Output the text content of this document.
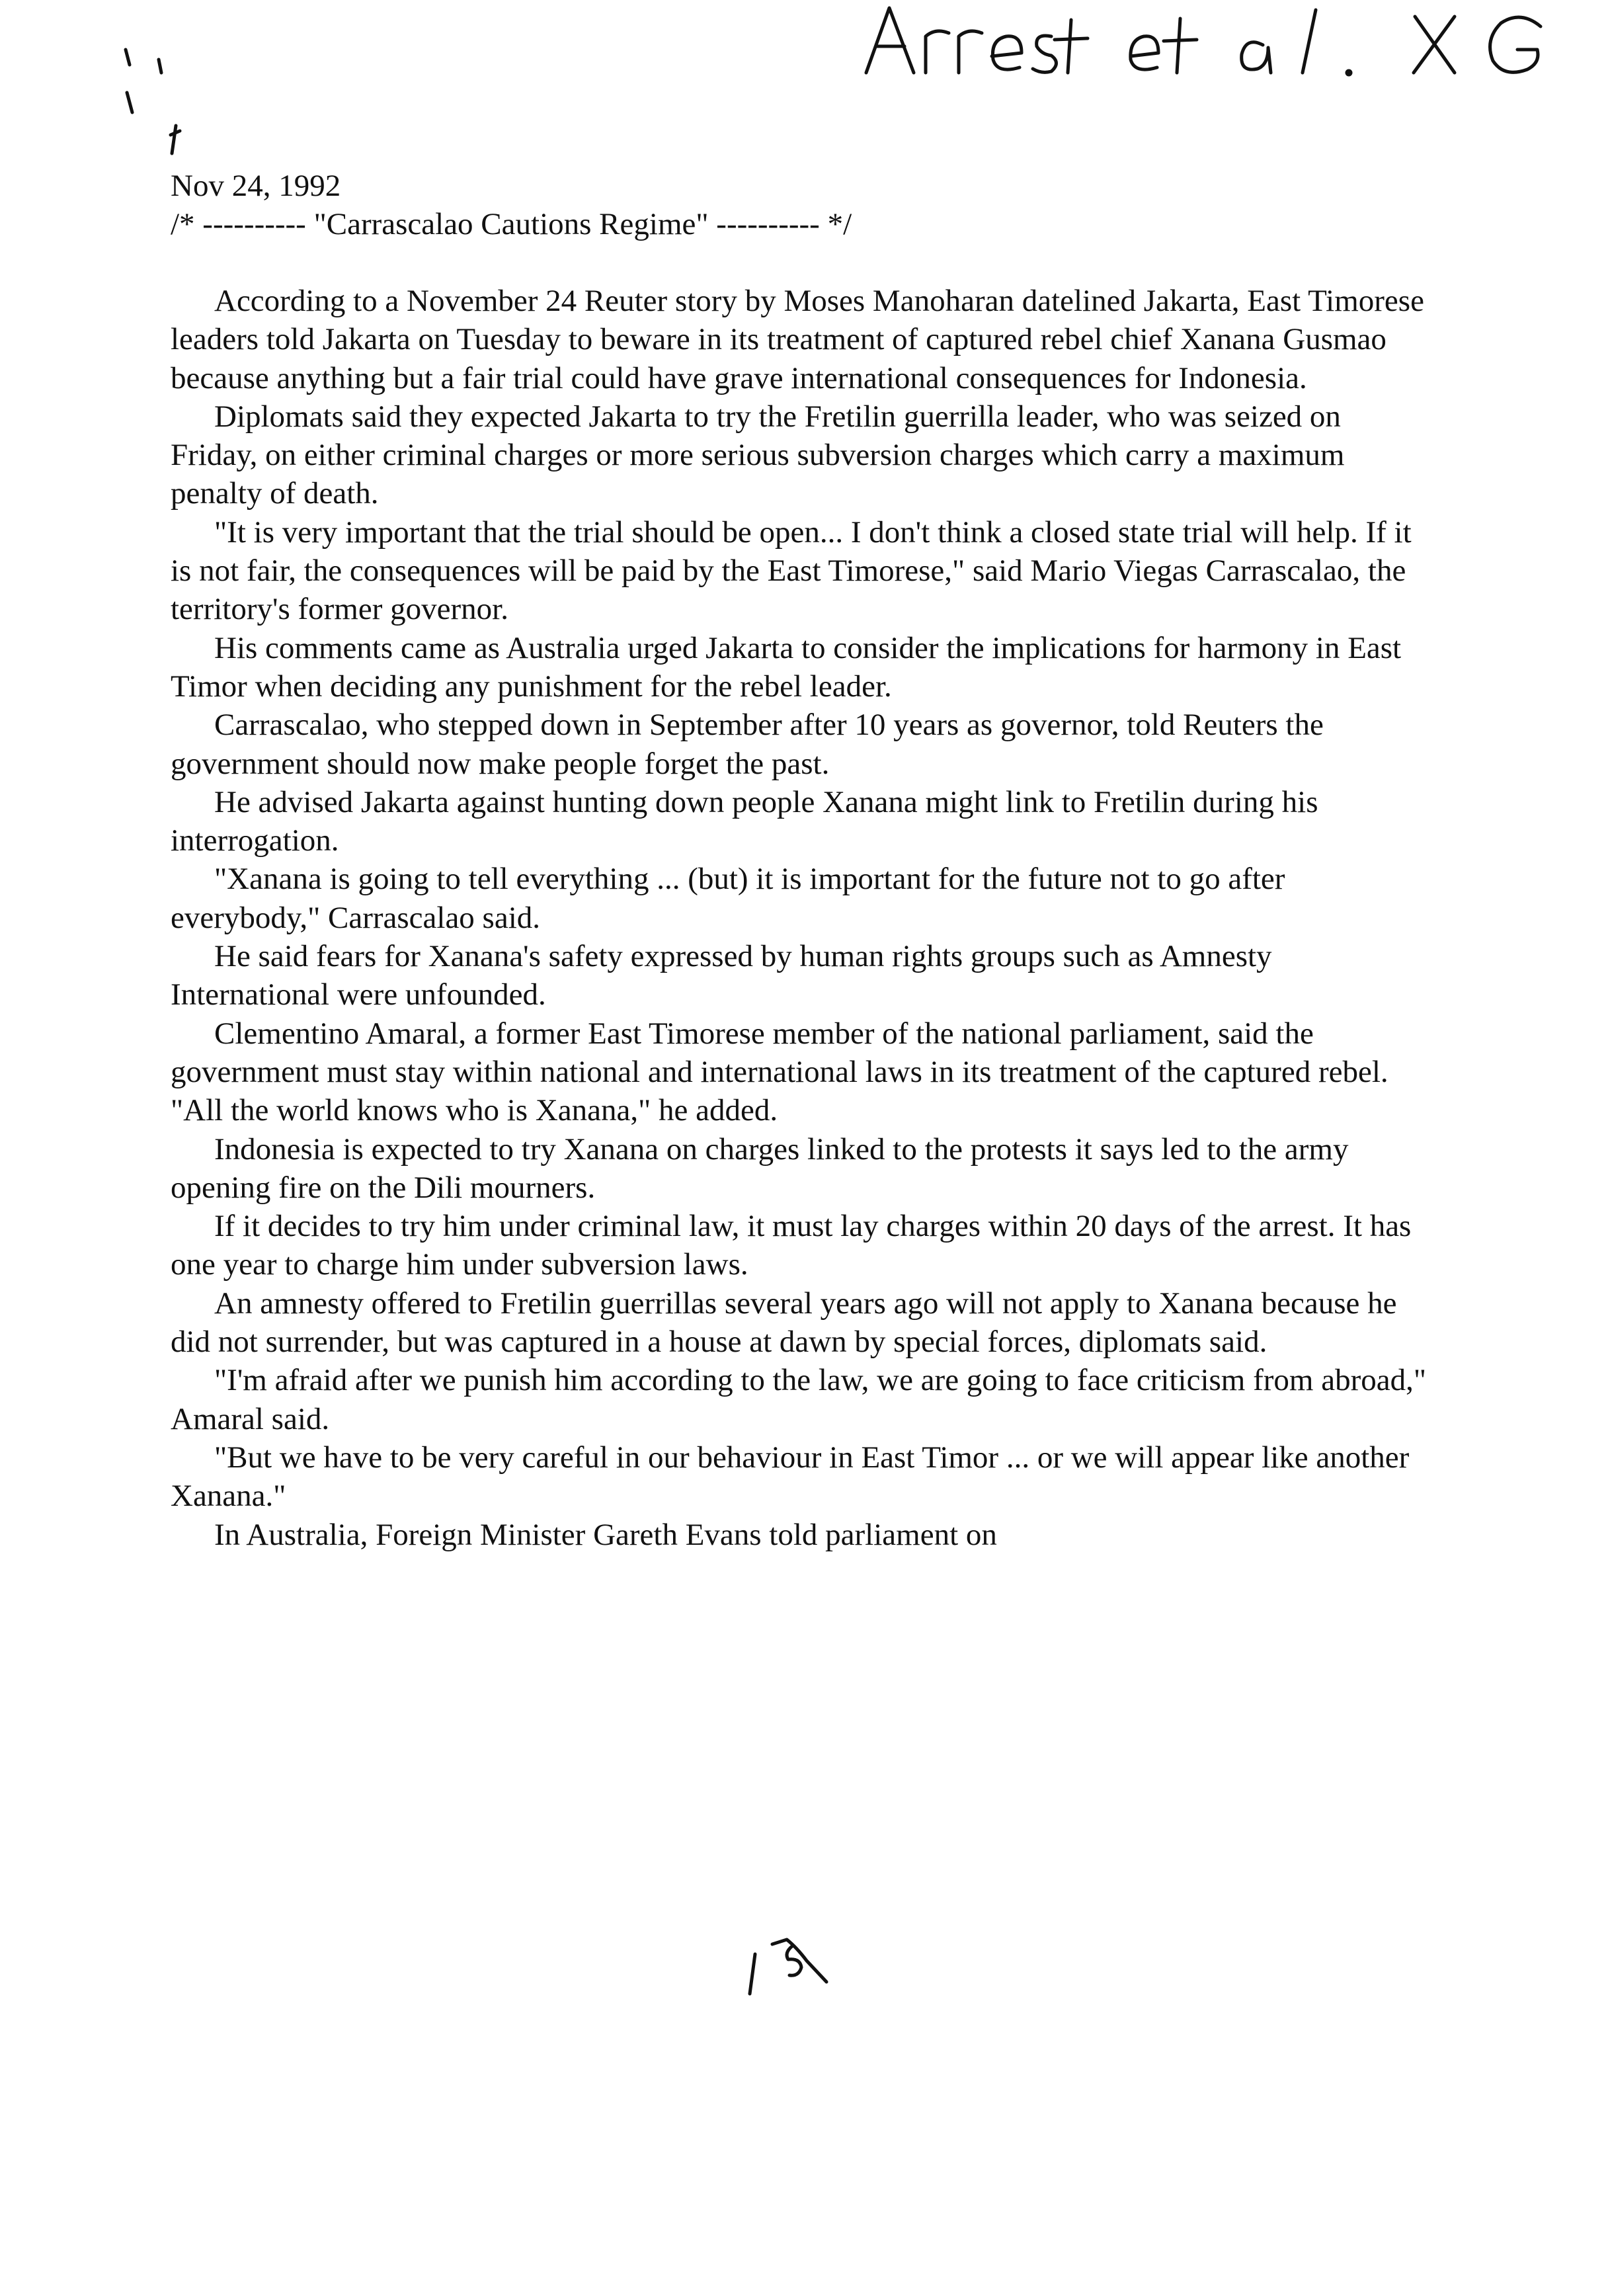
Nov 24, 1992

/* ---------- "Carrascalao Cautions Regime" ---------- */

According to a November 24 Reuter story by Moses Manoharan datelined Jakarta, East Timorese leaders told Jakarta on Tuesday to beware in its treatment of captured rebel chief Xanana Gusmao because anything but a fair trial could have grave international consequences for Indonesia.

Diplomats said they expected Jakarta to try the Fretilin guerrilla leader, who was seized on Friday, on either criminal charges or more serious subversion charges which carry a maximum penalty of death.

"It is very important that the trial should be open... I don't think a closed state trial will help. If it is not fair, the consequences will be paid by the East Timorese," said Mario Viegas Carrascalao, the territory's former governor.

His comments came as Australia urged Jakarta to consider the implications for harmony in East Timor when deciding any punishment for the rebel leader.

Carrascalao, who stepped down in September after 10 years as governor, told Reuters the government should now make people forget the past.

He advised Jakarta against hunting down people Xanana might link to Fretilin during his interrogation.

"Xanana is going to tell everything ... (but) it is important for the future not to go after everybody," Carrascalao said.

He said fears for Xanana's safety expressed by human rights groups such as Amnesty International were unfounded.

Clementino Amaral, a former East Timorese member of the national parliament, said the government must stay within national and international laws in its treatment of the captured rebel. "All the world knows who is Xanana," he added.

Indonesia is expected to try Xanana on charges linked to the protests it says led to the army opening fire on the Dili mourners.

If it decides to try him under criminal law, it must lay charges within 20 days of the arrest. It has one year to charge him under subversion laws.

An amnesty offered to Fretilin guerrillas several years ago will not apply to Xanana because he did not surrender, but was captured in a house at dawn by special forces, diplomats said.

"I'm afraid after we punish him according to the law, we are going to face criticism from abroad," Amaral said.

"But we have to be very careful in our behaviour in East Timor ... or we will appear like another Xanana."

In Australia, Foreign Minister Gareth Evans told parliament on
